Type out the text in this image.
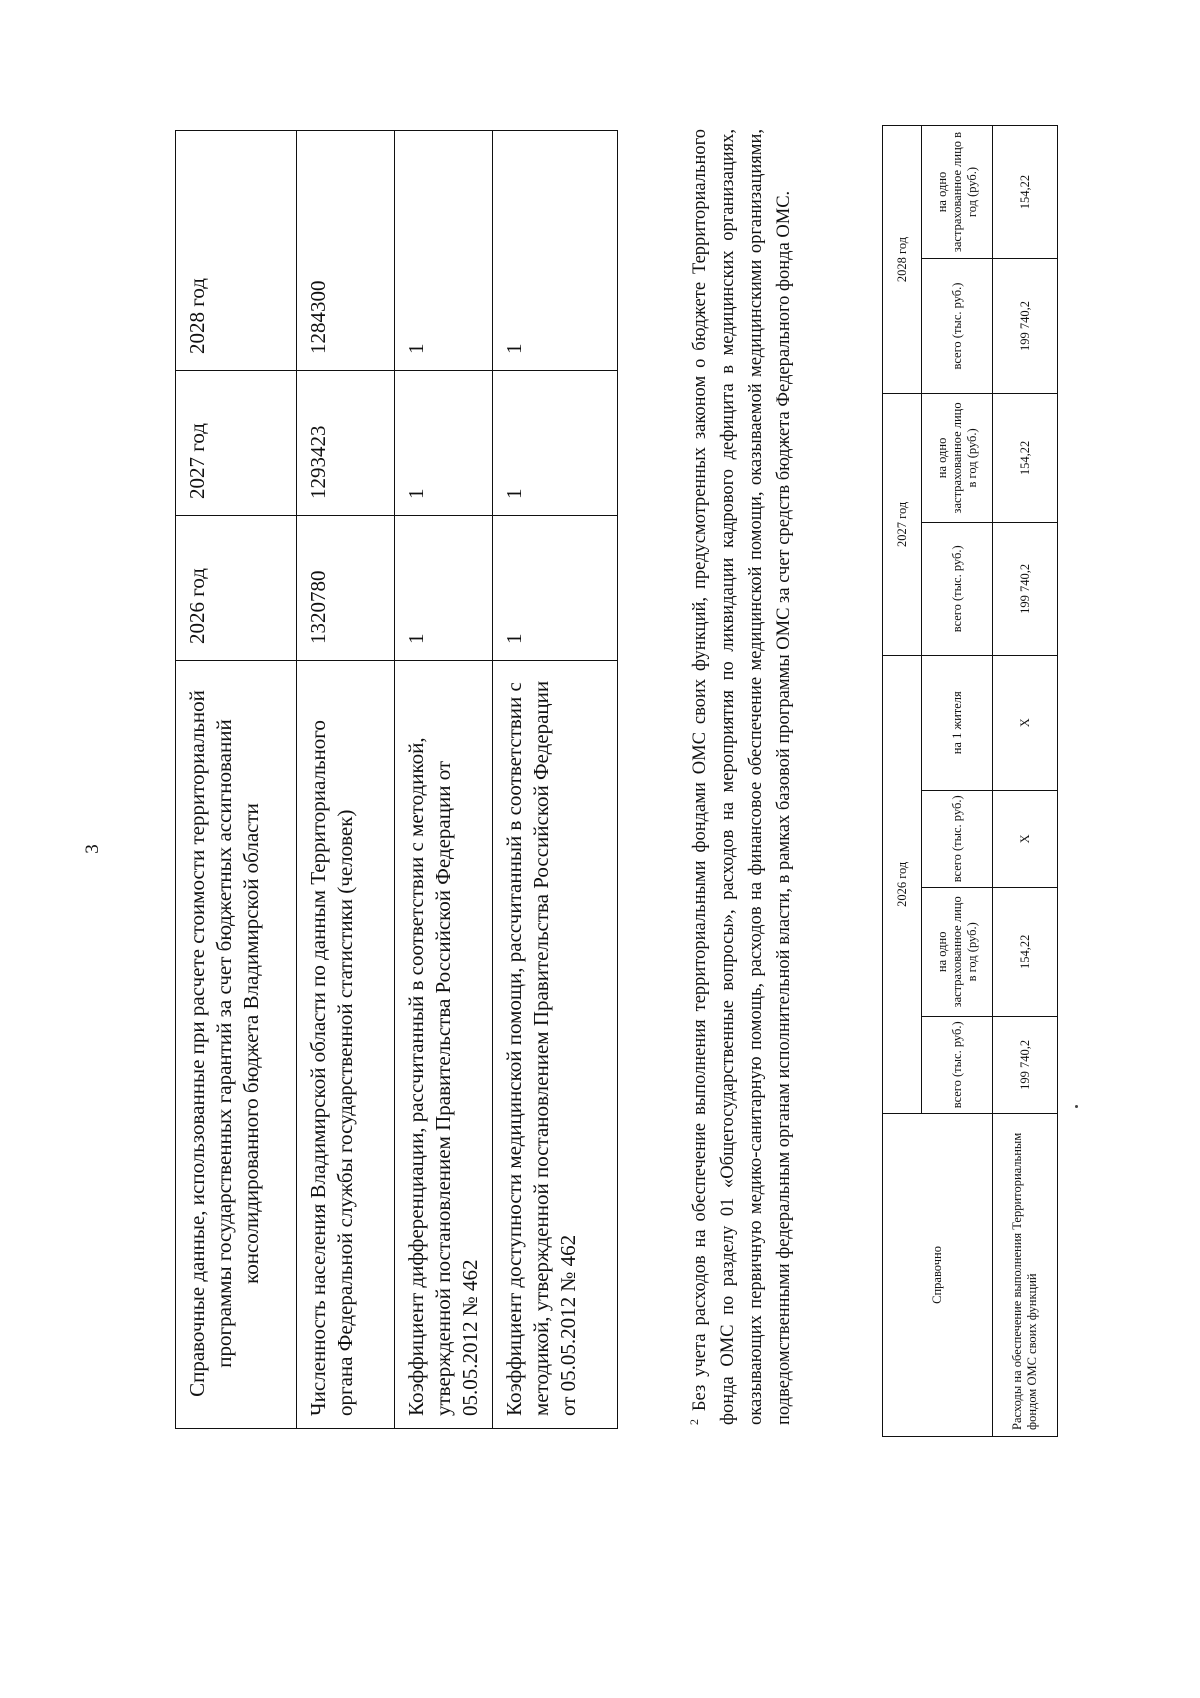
3	Справочные данные, использованные при расчете стоимости территориальной программы государственных гарантий за счет бюджетных ассигнований консолидированного бюджета Владимирской области	2026 год	2027 год	2028 год
Численность населения Владимирской области по данным Территориального органа Федеральной службы государственной статистики (человек)	1320780	1293423	1284300
Коэффициент дифференциации, рассчитанный в соответствии с методикой, утвержденной постановлением Правительства Российской Федерации от 05.05.2012 № 462	1	1	1
Коэффициент доступности медицинской помощи, рассчитанный в соответствии с методикой, утвержденной постановлением Правительства Российской Федерации от 05.05.2012 № 462	1	1	1

$^2$ Без учета расходов на обеспечение выполнения территориальными фондами ОМС своих функций, предусмотренных законом о бюджете Территориального фонда ОМС по разделу 01 «Общегосударственные вопросы», расходов на мероприятия по ликвидации кадрового дефицита в медицинских организациях, оказывающих первичную медико-санитарную помощь, расходов на финансовое обеспечение медицинской помощи, оказываемой медицинскими организациями, подведомственными федеральным органам исполнительной власти, в рамках базовой программы ОМС за счет средств бюджета Федерального фонда ОМС.	Справочно	2026 год				2027 год		2028 год	
	всего (тыс. руб.)	на одно застрахованное лицо в год (руб.)	всего (тыс. руб.)	на 1 жителя	всего (тыс. руб.)	на одно застрахованное лицо в год (руб.)	всего (тыс. руб.)	на одно застрахованное лицо в год (руб.)
Расходы на обеспечение выполнения Территориальным фондом ОМС своих функций	199 740,2	154,22	Х	Х	199 740,2	154,22	199 740,2	154,22
